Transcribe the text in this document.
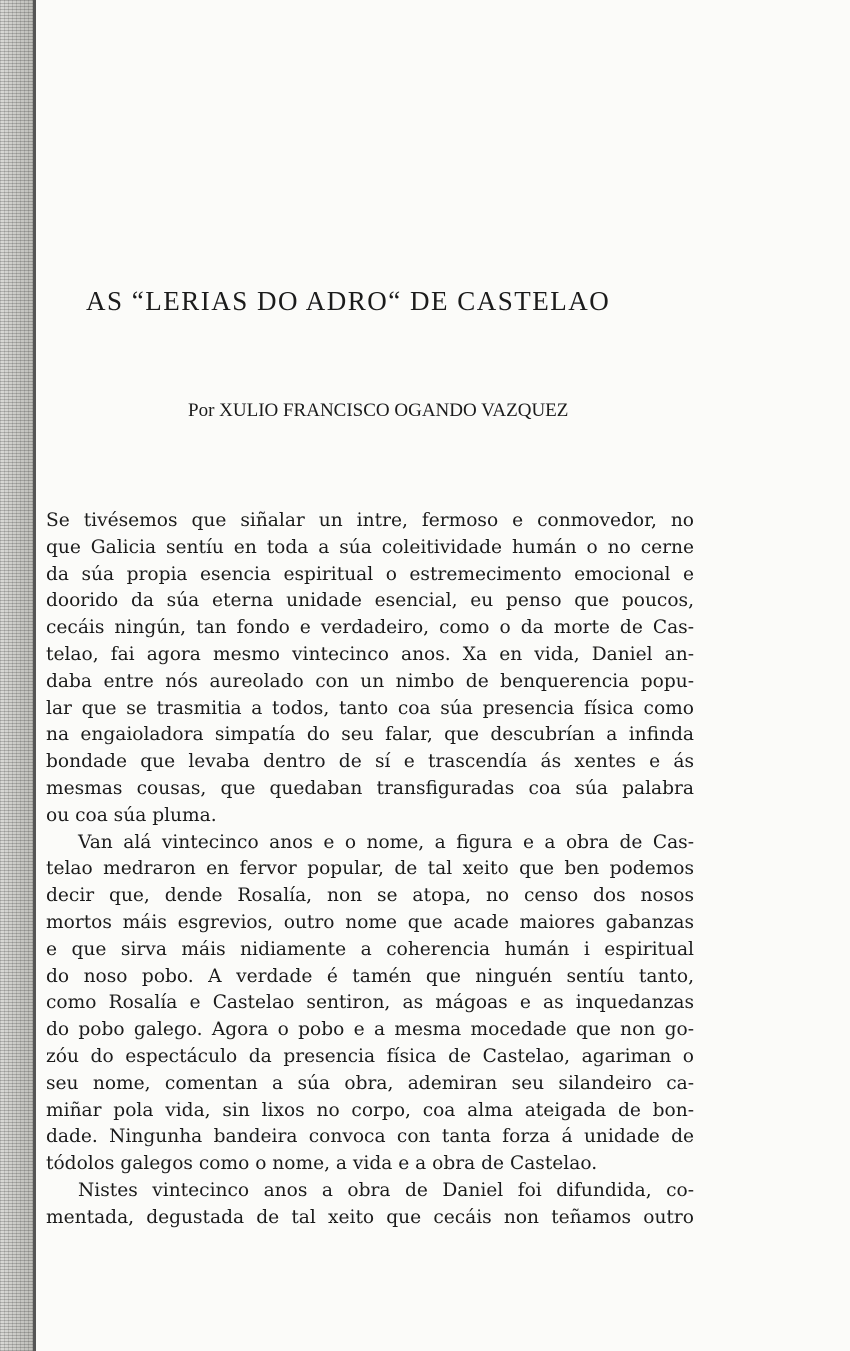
AS “LERIAS DO ADRO“ DE CASTELAO

Por XULIO FRANCISCO OGANDO VAZQUEZ

Se tivésemos que siñalar un intre, fermoso e conmovedor, no
que Galicia sentíu en toda a súa coleitividade humán o no cerne
da súa propia esencia espiritual o estremecimento emocional e
doorido da súa eterna unidade esencial, eu penso que poucos,
cecáis ningún, tan fondo e verdadeiro, como o da morte de Cas-
telao, fai agora mesmo vintecinco anos. Xa en vida, Daniel an-
daba entre nós aureolado con un nimbo de benquerencia popu-
lar que se trasmitia a todos, tanto coa súa presencia física como
na engaioladora simpatía do seu falar, que descubrían a infinda
bondade que levaba dentro de sí e trascendía ás xentes e ás
mesmas cousas, que quedaban transfiguradas coa súa palabra
ou coa súa pluma.
Van alá vintecinco anos e o nome, a figura e a obra de Cas-
telao medraron en fervor popular, de tal xeito que ben podemos
decir que, dende Rosalía, non se atopa, no censo dos nosos
mortos máis esgrevios, outro nome que acade maiores gabanzas
e que sirva máis nidiamente a coherencia humán i espiritual
do noso pobo. A verdade é tamén que ninguén sentíu tanto,
como Rosalía e Castelao sentiron, as mágoas e as inquedanzas
do pobo galego. Agora o pobo e a mesma mocedade que non go-
zóu do espectáculo da presencia física de Castelao, agariman o
seu nome, comentan a súa obra, ademiran seu silandeiro ca-
miñar pola vida, sin lixos no corpo, coa alma ateigada de bon-
dade. Ningunha bandeira convoca con tanta forza á unidade de
tódolos galegos como o nome, a vida e a obra de Castelao.
Nistes vintecinco anos a obra de Daniel foi difundida, co-
mentada, degustada de tal xeito que cecáis non teñamos outro
